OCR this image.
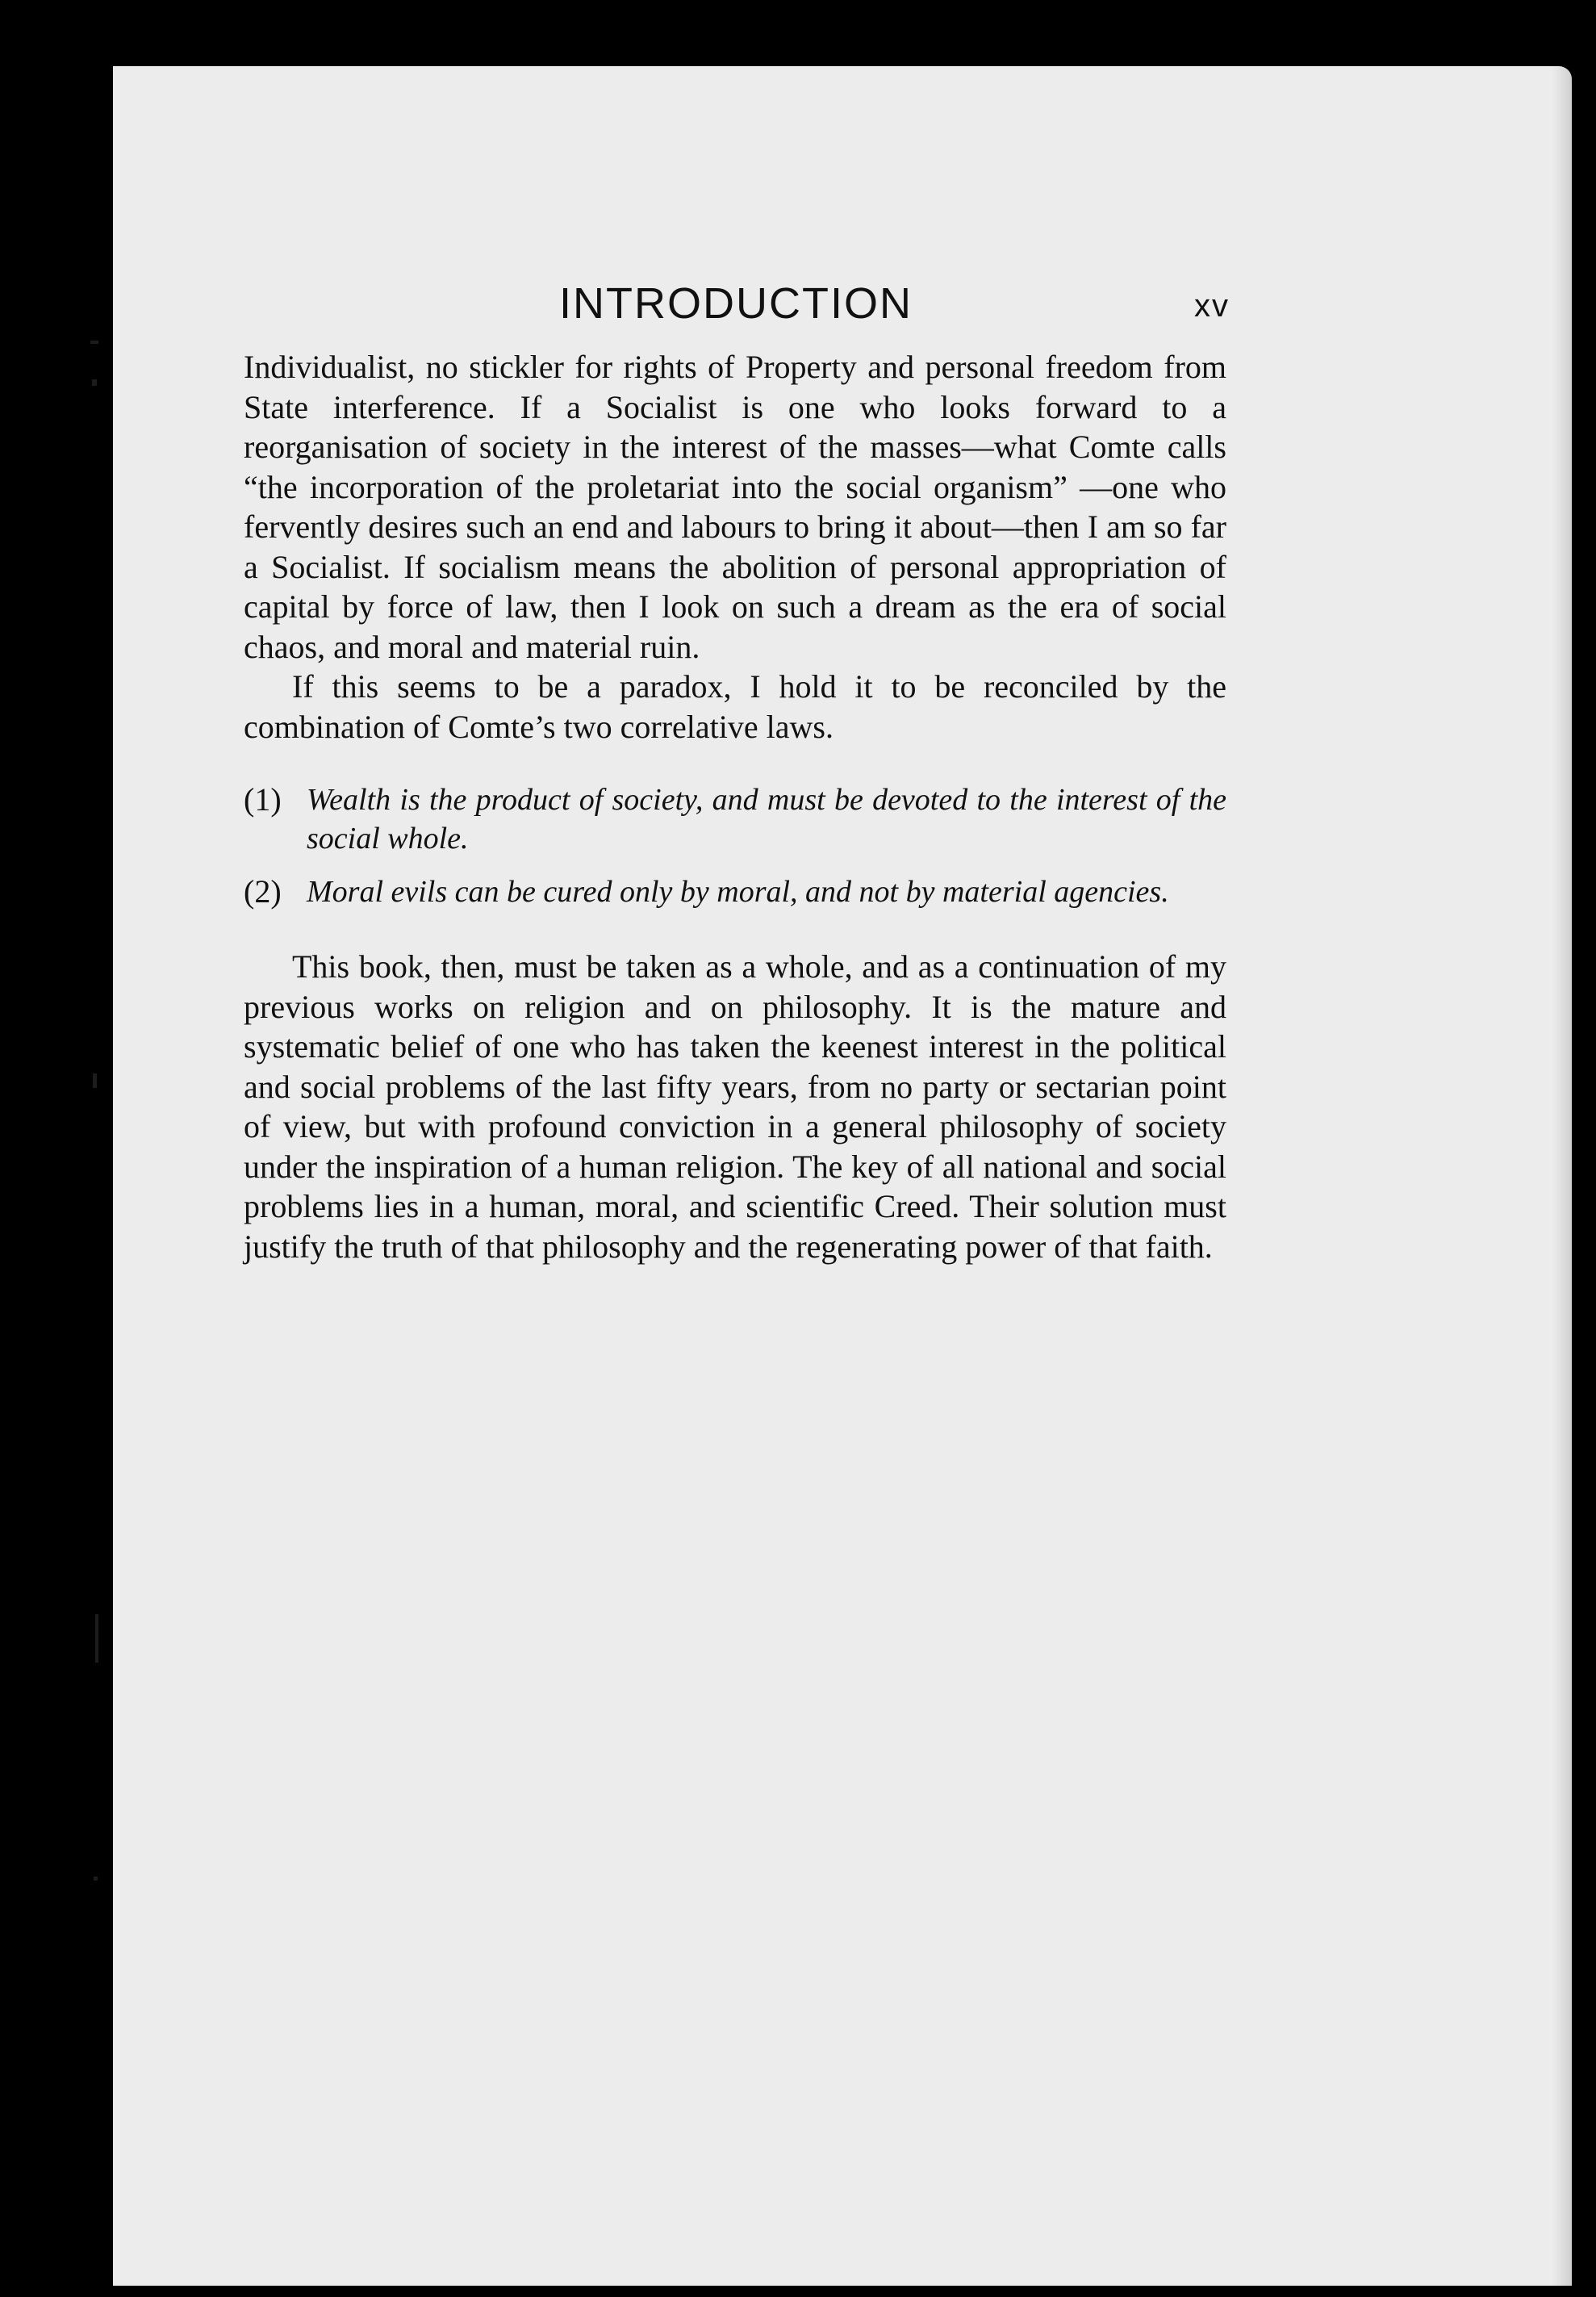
INTRODUCTION	xv

Individualist, no stickler for rights of Property and personal freedom from State interference. If a Socialist is one who looks forward to a reorganisation of society in the interest of the masses—what Comte calls “the incorporation of the proletariat into the social organism” —one who fervently desires such an end and labours to bring it about—then I am so far a Socialist. If socialism means the abolition of personal appropriation of capital by force of law, then I look on such a dream as the era of social chaos, and moral and material ruin.

If this seems to be a paradox, I hold it to be reconciled by the combination of Comte’s two correlative laws.

(1) Wealth is the product of society, and must be devoted to the interest of the social whole.
(2) Moral evils can be cured only by moral, and not by material agencies.

This book, then, must be taken as a whole, and as a continuation of my previous works on religion and on philosophy. It is the mature and systematic belief of one who has taken the keenest interest in the political and social problems of the last fifty years, from no party or sectarian point of view, but with profound conviction in a general philosophy of society under the inspiration of a human religion. The key of all national and social problems lies in a human, moral, and scientific Creed. Their solution must justify the truth of that philosophy and the regenerating power of that faith.
